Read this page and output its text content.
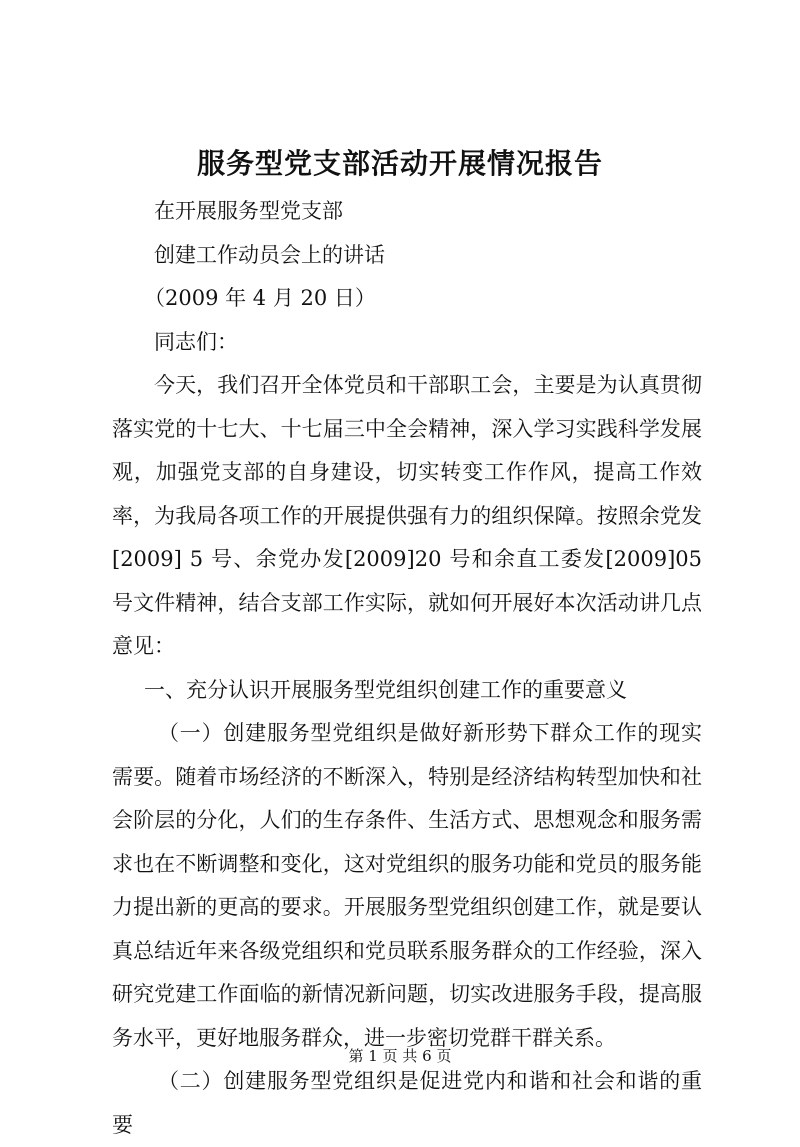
服务型党支部活动开展情况报告

在开展服务型党支部

创建工作动员会上的讲话

（2009 年 4 月 20 日）

同志们：

今天，我们召开全体党员和干部职工会，主要是为认真贯彻落实党的十七大、十七届三中全会精神，深入学习实践科学发展观，加强党支部的自身建设，切实转变工作作风，提高工作效率，为我局各项工作的开展提供强有力的组织保障。按照余党发[2009] 5 号、余党办发[2009]20 号和余直工委发[2009]05 号文件精神，结合支部工作实际，就如何开展好本次活动讲几点意见：

一、充分认识开展服务型党组织创建工作的重要意义

（一）创建服务型党组织是做好新形势下群众工作的现实需要。随着市场经济的不断深入，特别是经济结构转型加快和社会阶层的分化，人们的生存条件、生活方式、思想观念和服务需求也在不断调整和变化，这对党组织的服务功能和党员的服务能力提出新的更高的要求。开展服务型党组织创建工作，就是要认真总结近年来各级党组织和党员联系服务群众的工作经验，深入研究党建工作面临的新情况新问题，切实改进服务手段，提高服务水平，更好地服务群众，进一步密切党群干群关系。

（二）创建服务型党组织是促进党内和谐和社会和谐的重要

第 1 页 共 6 页
